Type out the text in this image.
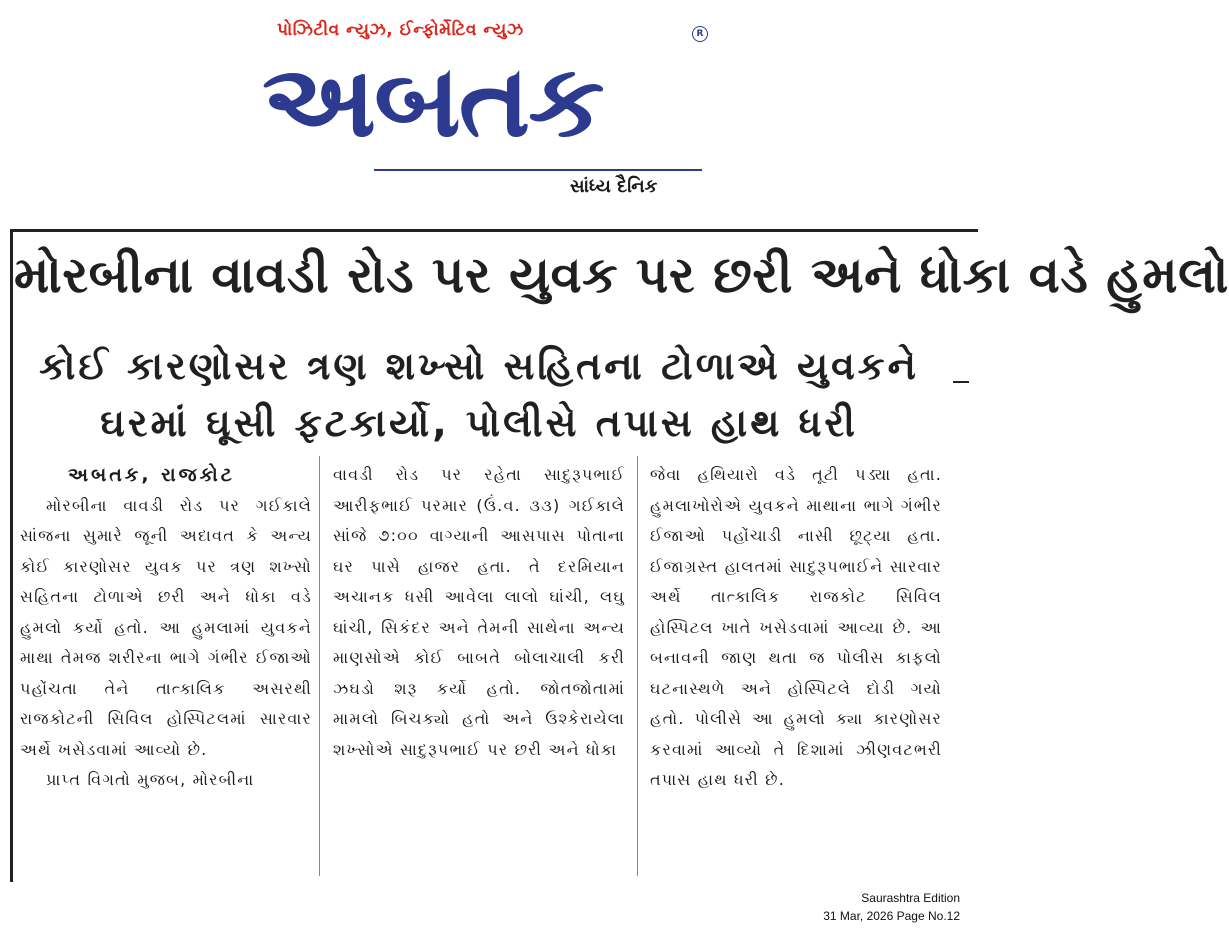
પોઝિટીવ ન્યુઝ, ઈન્ફોર્મેટિવ ન્યુઝ	R
અબતક
સાંધ્ય દૈનિક
મોરબીના વાવડી રોડ પર યુવક પર છરી અને ધોકા વડે હુમલો
કોઈ કારણોસર ત્રણ શખ્સો સહિતના ટોળાએ યુવકને
ઘરમાં ઘૂસી ફટકાર્યો, પોલીસે તપાસ હાથ ધરી
અબતક, રાજકોટ

મોરબીના વાવડી રોડ પર ગઈકાલે સાંજના સુમારે જૂની અદાવત કે અન્ય કોઈ કારણોસર યુવક પર ત્રણ શખ્સો સહિતના ટોળાએ છરી અને ધોકા વડે હુમલો કર્યો હતો. આ હુમલામાં યુવકને માથા તેમજ શરીરના ભાગે ગંભીર ઈજાઓ પહોંચતા તેને તાત્કાલિક અસરથી રાજકોટની સિવિલ હોસ્પિટલમાં સારવાર અર્થે ખસેડવામાં આવ્યો છે.

પ્રાપ્ત વિગતો મુજબ, મોરબીના

વાવડી રોડ પર રહેતા સાદુરૂપભાઈ આરીફભાઈ પરમાર (ઉં.વ. ૩૩) ગઈકાલે સાંજે ૭:૦૦ વાગ્યાની આસપાસ પોતાના ઘર પાસે હાજર હતા. તે દરમિયાન અચાનક ધસી આવેલા લાલો ઘાંચી, લઘુ ઘાંચી, સિકંદર અને તેમની સાથેના અન્ય માણસોએ કોઈ બાબતે બોલાચાલી કરી ઝઘડો શરૂ કર્યો હતો. જોતજોતામાં મામલો બિચક્યો હતો અને ઉશ્કેરાયેલા શખ્સોએ સાદુરૂપભાઈ પર છરી અને ધોકા

જેવા હથિયારો વડે તૂટી પડ્યા હતા. હુમલાખોરોએ યુવકને માથાના ભાગે ગંભીર ઈજાઓ પહોંચાડી નાસી છૂટ્યા હતા. ઈજાગ્રસ્ત હાલતમાં સાદુરૂપભાઈને સારવાર અર્થે તાત્કાલિક રાજકોટ સિવિલ હોસ્પિટલ ખાતે ખસેડવામાં આવ્યા છે. આ બનાવની જાણ થતા જ પોલીસ કાફલો ઘટનાસ્થળે અને હોસ્પિટલે દોડી ગયો હતો. પોલીસે આ હુમલો ક્યા કારણોસર કરવામાં આવ્યો તે દિશામાં ઝીણવટભરી તપાસ હાથ ધરી છે.

Saurashtra Edition
31 Mar, 2026 Page No.12
